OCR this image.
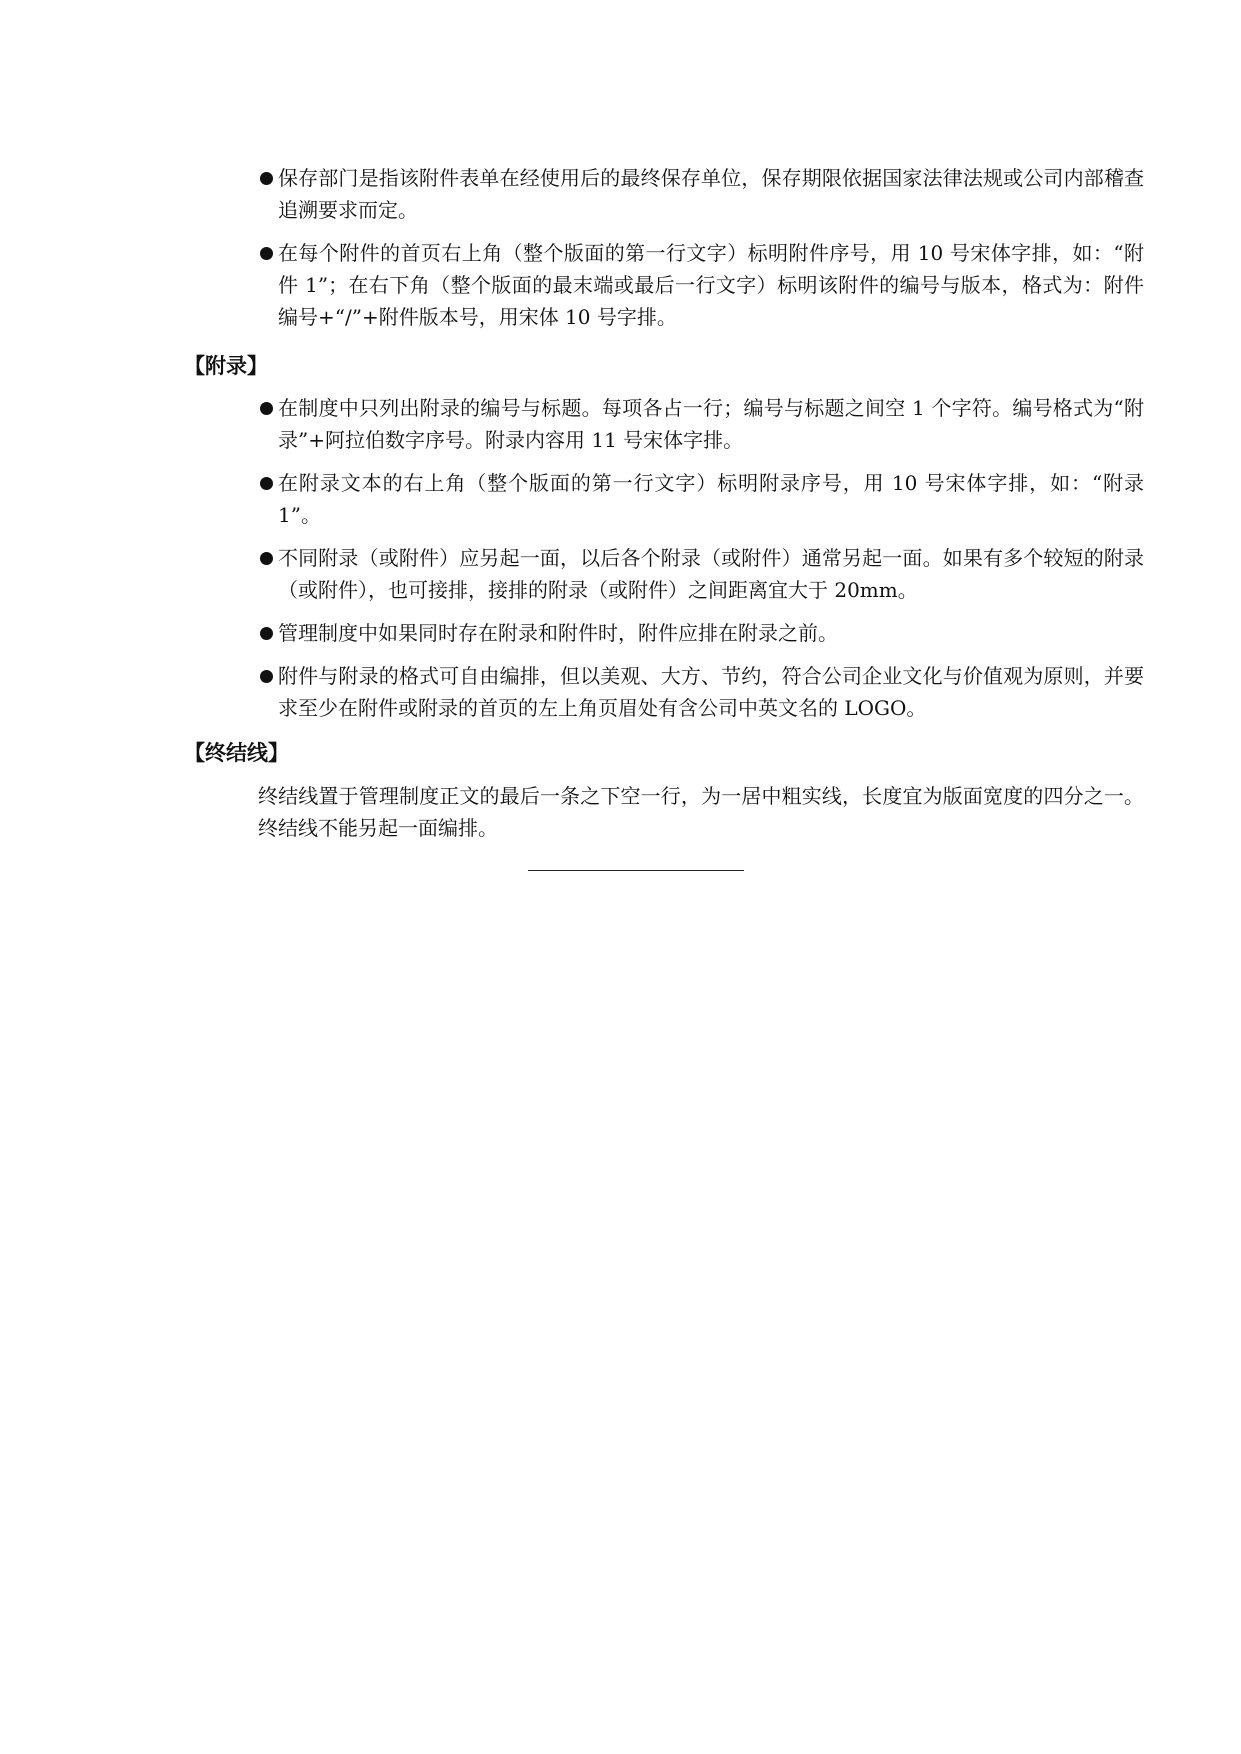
保存部门是指该附件表单在经使用后的最终保存单位，保存期限依据国家法律法规或公司内部稽查追溯要求而定。
在每个附件的首页右上角（整个版面的第一行文字）标明附件序号，用 10 号宋体字排，如：“附件 1”；在右下角（整个版面的最末端或最后一行文字）标明该附件的编号与版本，格式为：附件编号+“/”+附件版本号，用宋体 10 号字排。
【附录】
在制度中只列出附录的编号与标题。每项各占一行；编号与标题之间空 1 个字符。编号格式为“附录”+阿拉伯数字序号。附录内容用 11 号宋体字排。
在附录文本的右上角（整个版面的第一行文字）标明附录序号，用 10 号宋体字排，如：“附录 1”。
不同附录（或附件）应另起一面，以后各个附录（或附件）通常另起一面。如果有多个较短的附录（或附件），也可接排，接排的附录（或附件）之间距离宜大于 20mm。
管理制度中如果同时存在附录和附件时，附件应排在附录之前。
附件与附录的格式可自由编排，但以美观、大方、节约，符合公司企业文化与价值观为原则，并要求至少在附件或附录的首页的左上角页眉处有含公司中英文名的 LOGO。
【终结线】
终结线置于管理制度正文的最后一条之下空一行，为一居中粗实线，长度宜为版面宽度的四分之一。终结线不能另起一面编排。
